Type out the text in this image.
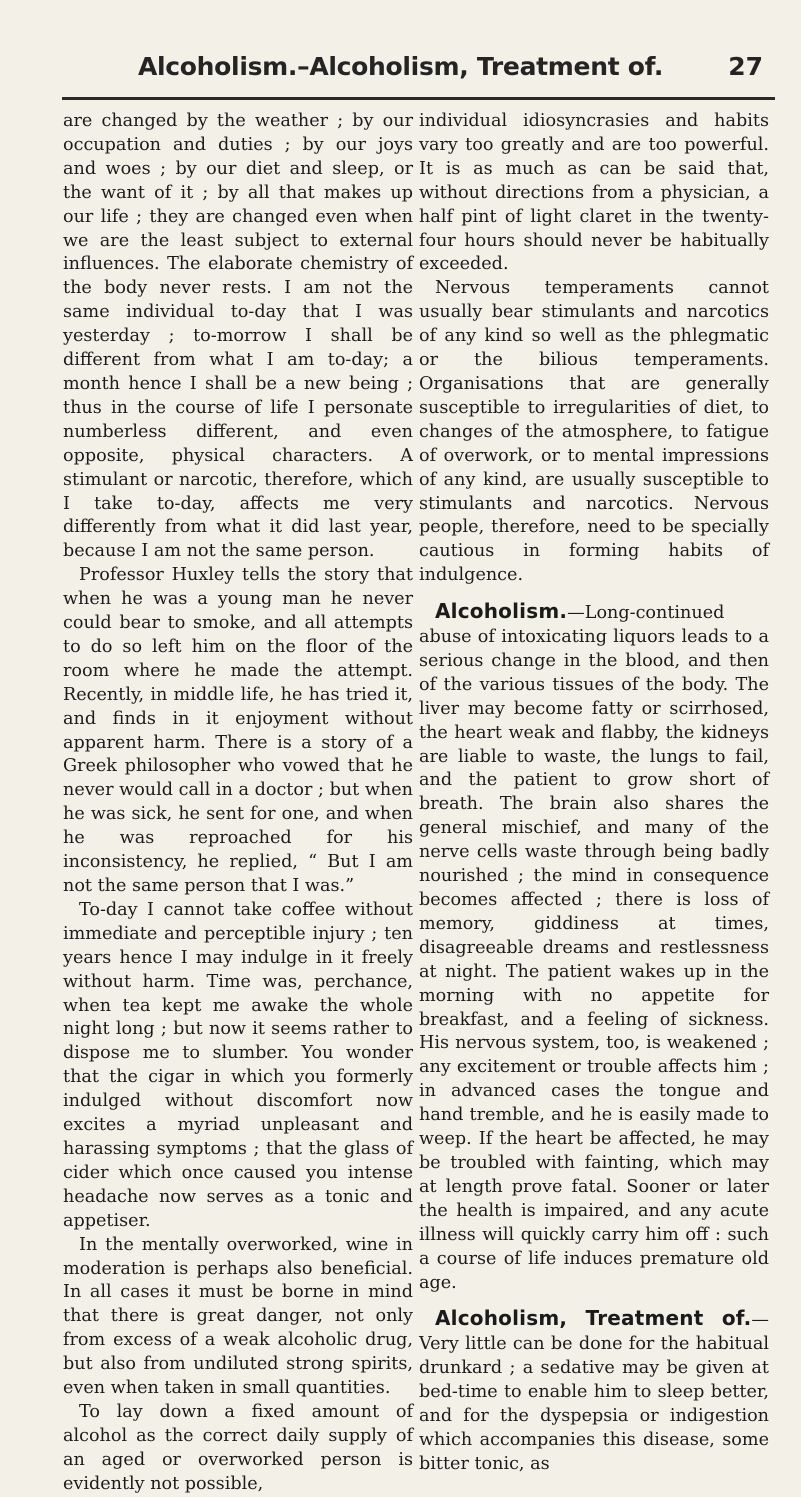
Alcoholism.–Alcoholism, Treatment of.	27

are changed by the weather ; by our occupation and duties ; by our joys and woes ; by our diet and sleep, or the want of it ; by all that makes up our life ; they are changed even when we are the least subject to external influences. The elaborate chemistry of the body never rests. I am not the same individual to-day that I was yesterday ; to-morrow I shall be different from what I am to-day; a month hence I shall be a new being ; thus in the course of life I personate numberless different, and even opposite, physical characters. A stimulant or narcotic, therefore, which I take to-day, affects me very differently from what it did last year, because I am not the same person.

Professor Huxley tells the story that when he was a young man he never could bear to smoke, and all attempts to do so left him on the floor of the room where he made the attempt. Recently, in middle life, he has tried it, and finds in it enjoyment without apparent harm. There is a story of a Greek philosopher who vowed that he never would call in a doctor ; but when he was sick, he sent for one, and when he was reproached for his inconsistency, he replied, “ But I am not the same person that I was.”

To-day I cannot take coffee without immediate and perceptible injury ; ten years hence I may indulge in it freely without harm. Time was, perchance, when tea kept me awake the whole night long ; but now it seems rather to dispose me to slumber. You wonder that the cigar in which you formerly indulged without discomfort now excites a myriad unpleasant and harassing symptoms ; that the glass of cider which once caused you intense headache now serves as a tonic and appetiser.

In the mentally overworked, wine in moderation is perhaps also beneficial. In all cases it must be borne in mind that there is great danger, not only from excess of a weak alcoholic drug, but also from undiluted strong spirits, even when taken in small quantities.

To lay down a fixed amount of alcohol as the correct daily supply of an aged or overworked person is evidently not possible,

individual idiosyncrasies and habits vary too greatly and are too powerful. It is as much as can be said that, without directions from a physician, a half pint of light claret in the twenty-four hours should never be habitually exceeded.

Nervous temperaments cannot usually bear stimulants and narcotics of any kind so well as the phlegmatic or the bilious temperaments. Organisations that are generally susceptible to irregularities of diet, to changes of the atmosphere, to fatigue of overwork, or to mental impressions of any kind, are usually susceptible to stimulants and narcotics. Nervous people, therefore, need to be specially cautious in forming habits of indulgence.

Alcoholism.—Long-continued abuse of intoxicating liquors leads to a serious change in the blood, and then of the various tissues of the body. The liver may become fatty or scirrhosed, the heart weak and flabby, the kidneys are liable to waste, the lungs to fail, and the patient to grow short of breath. The brain also shares the general mischief, and many of the nerve cells waste through being badly nourished ; the mind in consequence becomes affected ; there is loss of memory, giddiness at times, disagreeable dreams and restlessness at night. The patient wakes up in the morning with no appetite for breakfast, and a feeling of sickness. His nervous system, too, is weakened ; any excitement or trouble affects him ; in advanced cases the tongue and hand tremble, and he is easily made to weep. If the heart be affected, he may be troubled with fainting, which may at length prove fatal. Sooner or later the health is impaired, and any acute illness will quickly carry him off : such a course of life induces premature old age.

Alcoholism, Treatment of.— Very little can be done for the habitual drunkard ; a sedative may be given at bed-time to enable him to sleep better, and for the dyspepsia or indigestion which accompanies this disease, some bitter tonic, as
